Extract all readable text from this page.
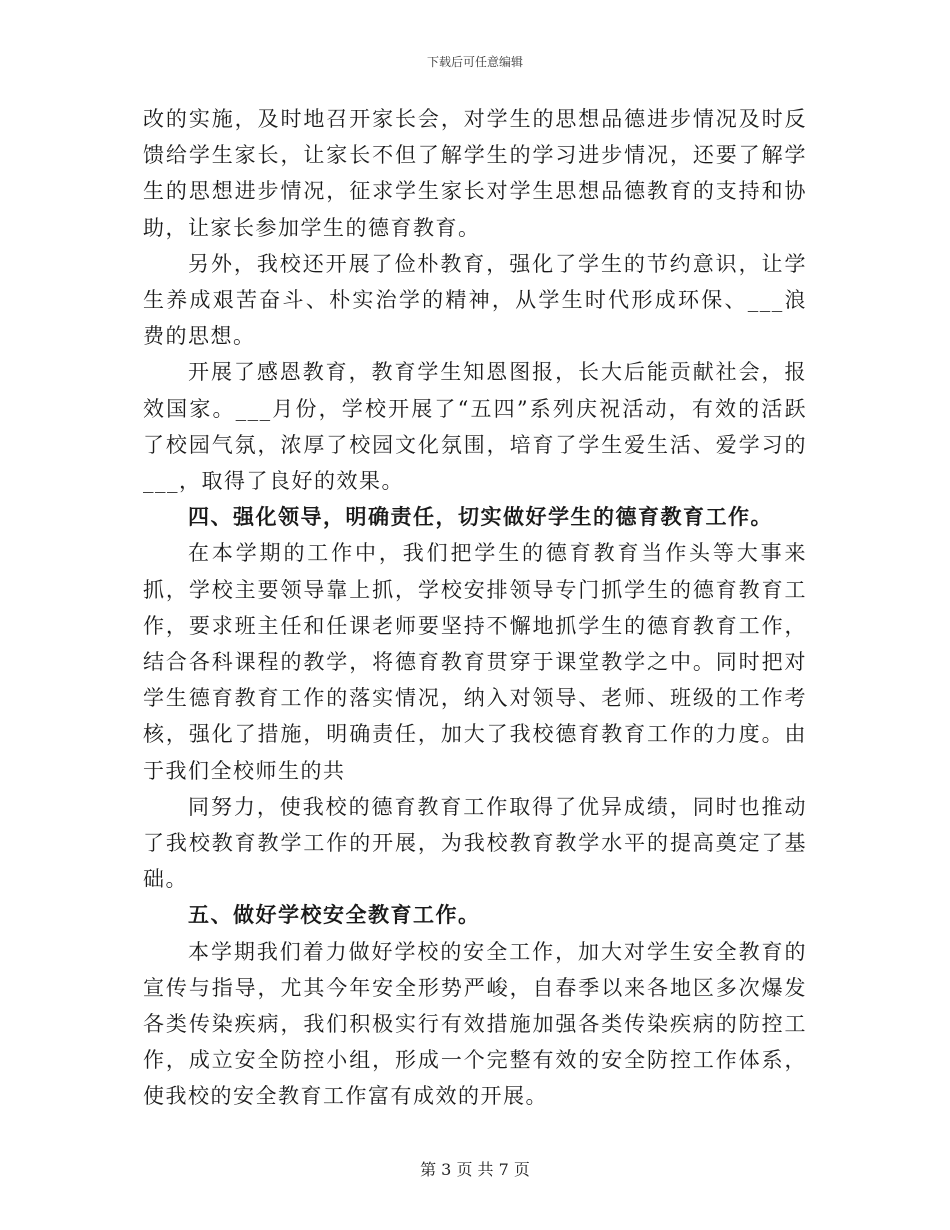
下载后可任意编辑

改的实施，及时地召开家长会，对学生的思想品德进步情况及时反馈给学生家长，让家长不但了解学生的学习进步情况，还要了解学生的思想进步情况，征求学生家长对学生思想品德教育的支持和协助，让家长参加学生的德育教育。

另外，我校还开展了俭朴教育，强化了学生的节约意识，让学生养成艰苦奋斗、朴实治学的精神，从学生时代形成环保、___浪费的思想。

开展了感恩教育，教育学生知恩图报，长大后能贡献社会，报效国家。___月份，学校开展了“五四”系列庆祝活动，有效的活跃了校园气氛，浓厚了校园文化氛围，培育了学生爱生活、爱学习的___，取得了良好的效果。

四、强化领导，明确责任，切实做好学生的德育教育工作。

在本学期的工作中，我们把学生的德育教育当作头等大事来抓，学校主要领导靠上抓，学校安排领导专门抓学生的德育教育工作，要求班主任和任课老师要坚持不懈地抓学生的德育教育工作，结合各科课程的教学，将德育教育贯穿于课堂教学之中。同时把对学生德育教育工作的落实情况，纳入对领导、老师、班级的工作考核，强化了措施，明确责任，加大了我校德育教育工作的力度。由于我们全校师生的共

同努力，使我校的德育教育工作取得了优异成绩，同时也推动了我校教育教学工作的开展，为我校教育教学水平的提高奠定了基础。

五、做好学校安全教育工作。

本学期我们着力做好学校的安全工作，加大对学生安全教育的宣传与指导，尤其今年安全形势严峻，自春季以来各地区多次爆发各类传染疾病，我们积极实行有效措施加强各类传染疾病的防控工作，成立安全防控小组，形成一个完整有效的安全防控工作体系，使我校的安全教育工作富有成效的开展。

第 3 页 共 7 页
